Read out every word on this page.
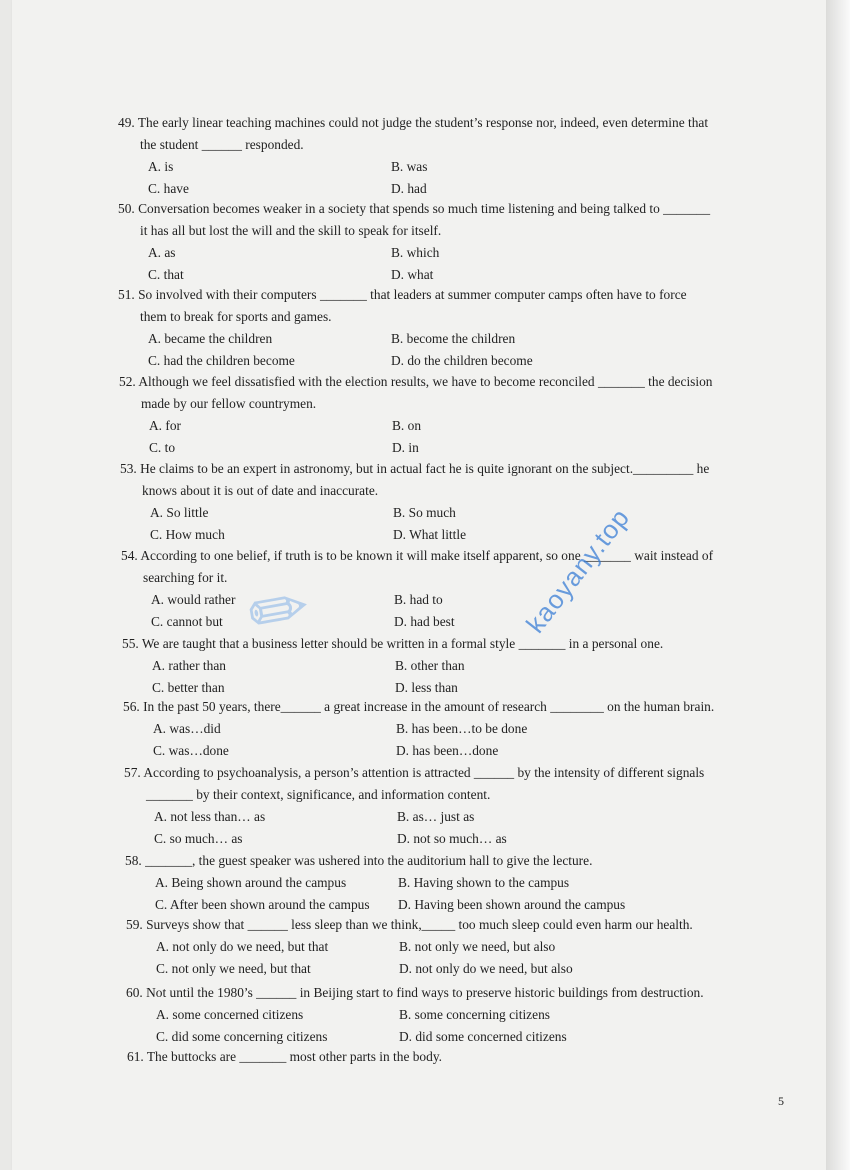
49. The early linear teaching machines could not judge the student’s response nor, indeed, even determine that
the student ______ responded.
A. is	B. was
C. have	D. had
50. Conversation becomes weaker in a society that spends so much time listening and being talked to _______
it has all but lost the will and the skill to speak for itself.
A. as	B. which
C. that	D. what
51. So involved with their computers _______ that leaders at summer computer camps often have to force
them to break for sports and games.
A. became the children	B. become the children
C. had the children become	D. do the children become
52. Although we feel dissatisfied with the election results, we have to become reconciled _______ the decision
made by our fellow countrymen.
A. for	B. on
C. to	D. in
53. He claims to be an expert in astronomy, but in actual fact he is quite ignorant on the subject._________ he
knows about it is out of date and inaccurate.
A. So little	B. So much
C. How much	D. What little
54. According to one belief, if truth is to be known it will make itself apparent, so one _______ wait instead of
searching for it.
A. would rather	B. had to
C. cannot but	D. had best
55. We are taught that a business letter should be written in a formal style _______ in a personal one.
A. rather than	B. other than
C. better than	D. less than
56. In the past 50 years, there______ a great increase in the amount of research ________ on the human brain.
A. was…did	B. has been…to be done
C. was…done	D. has been…done
57. According to psychoanalysis, a person’s attention is attracted ______ by the intensity of different signals
_______ by their context, significance, and information content.
A. not less than… as	B. as… just as
C. so much… as	D. not so much… as
58. _______, the guest speaker was ushered into the auditorium hall to give the lecture.
A. Being shown around the campus	B. Having shown to the campus
C. After been shown around the campus	D. Having been shown around the campus
59. Surveys show that ______ less sleep than we think,_____ too much sleep could even harm our health.
A. not only do we need, but that	B. not only we need, but also
C. not only we need, but that	D. not only do we need, but also
60. Not until the 1980’s ______ in Beijing start to find ways to preserve historic buildings from destruction.
A. some concerned citizens	B. some concerning citizens
C. did some concerning citizens	D. did some concerned citizens
61. The buttocks are _______ most other parts in the body.
5
✎	kaoyany.top
